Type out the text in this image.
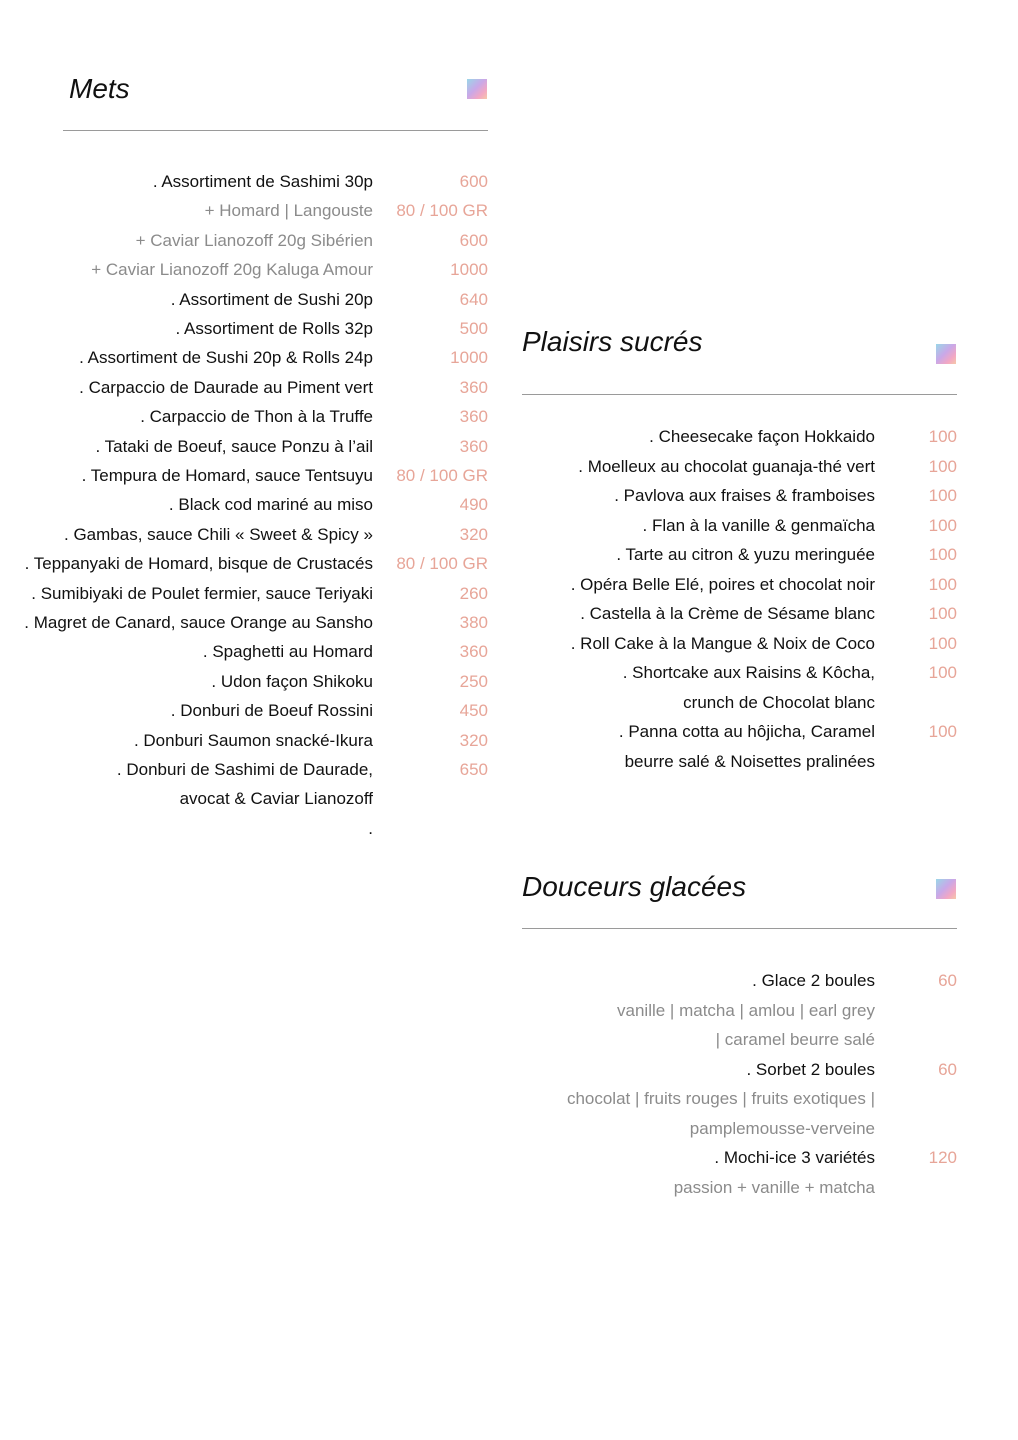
Mets
. Assortiment de Sashimi 30p	600
+ Homard | Langouste	80 / 100 GR
+ Caviar Lianozoff 20g Sibérien	600
+ Caviar Lianozoff 20g Kaluga Amour	1000
. Assortiment de Sushi 20p	640
. Assortiment de Rolls 32p	500
. Assortiment de Sushi 20p & Rolls 24p	1000
. Carpaccio de Daurade au Piment vert	360
. Carpaccio de Thon à la Truffe	360
. Tataki de Boeuf, sauce Ponzu à l’ail	360
. Tempura de Homard, sauce Tentsuyu	80 / 100 GR
. Black cod mariné au miso	490
. Gambas, sauce Chili « Sweet & Spicy »	320
. Teppanyaki de Homard, bisque de Crustacés	80 / 100 GR
. Sumibiyaki de Poulet fermier, sauce Teriyaki	260
. Magret de Canard, sauce Orange au Sansho	380
. Spaghetti au Homard	360
. Udon façon Shikoku	250
. Donburi de Boeuf Rossini	450
. Donburi Saumon snacké-Ikura	320
. Donburi de Sashimi de Daurade,	650
avocat & Caviar Lianozoff
.
Plaisirs sucrés
. Cheesecake façon Hokkaido	100
. Moelleux au chocolat guanaja-thé vert	100
. Pavlova aux fraises & framboises	100
. Flan à la vanille & genmaïcha	100
. Tarte au citron & yuzu meringuée	100
. Opéra Belle Elé, poires et chocolat noir	100
. Castella à la Crème de Sésame blanc	100
. Roll Cake à la Mangue & Noix de Coco	100
. Shortcake aux Raisins & Kôcha,	100
crunch de Chocolat blanc
. Panna cotta au hôjicha, Caramel	100
beurre salé & Noisettes pralinées
Douceurs glacées
. Glace 2 boules	60
vanille | matcha | amlou | earl grey
| caramel beurre salé
. Sorbet 2 boules	60
chocolat | fruits rouges | fruits exotiques |
pamplemousse-verveine
. Mochi-ice 3 variétés	120
passion + vanille + matcha
